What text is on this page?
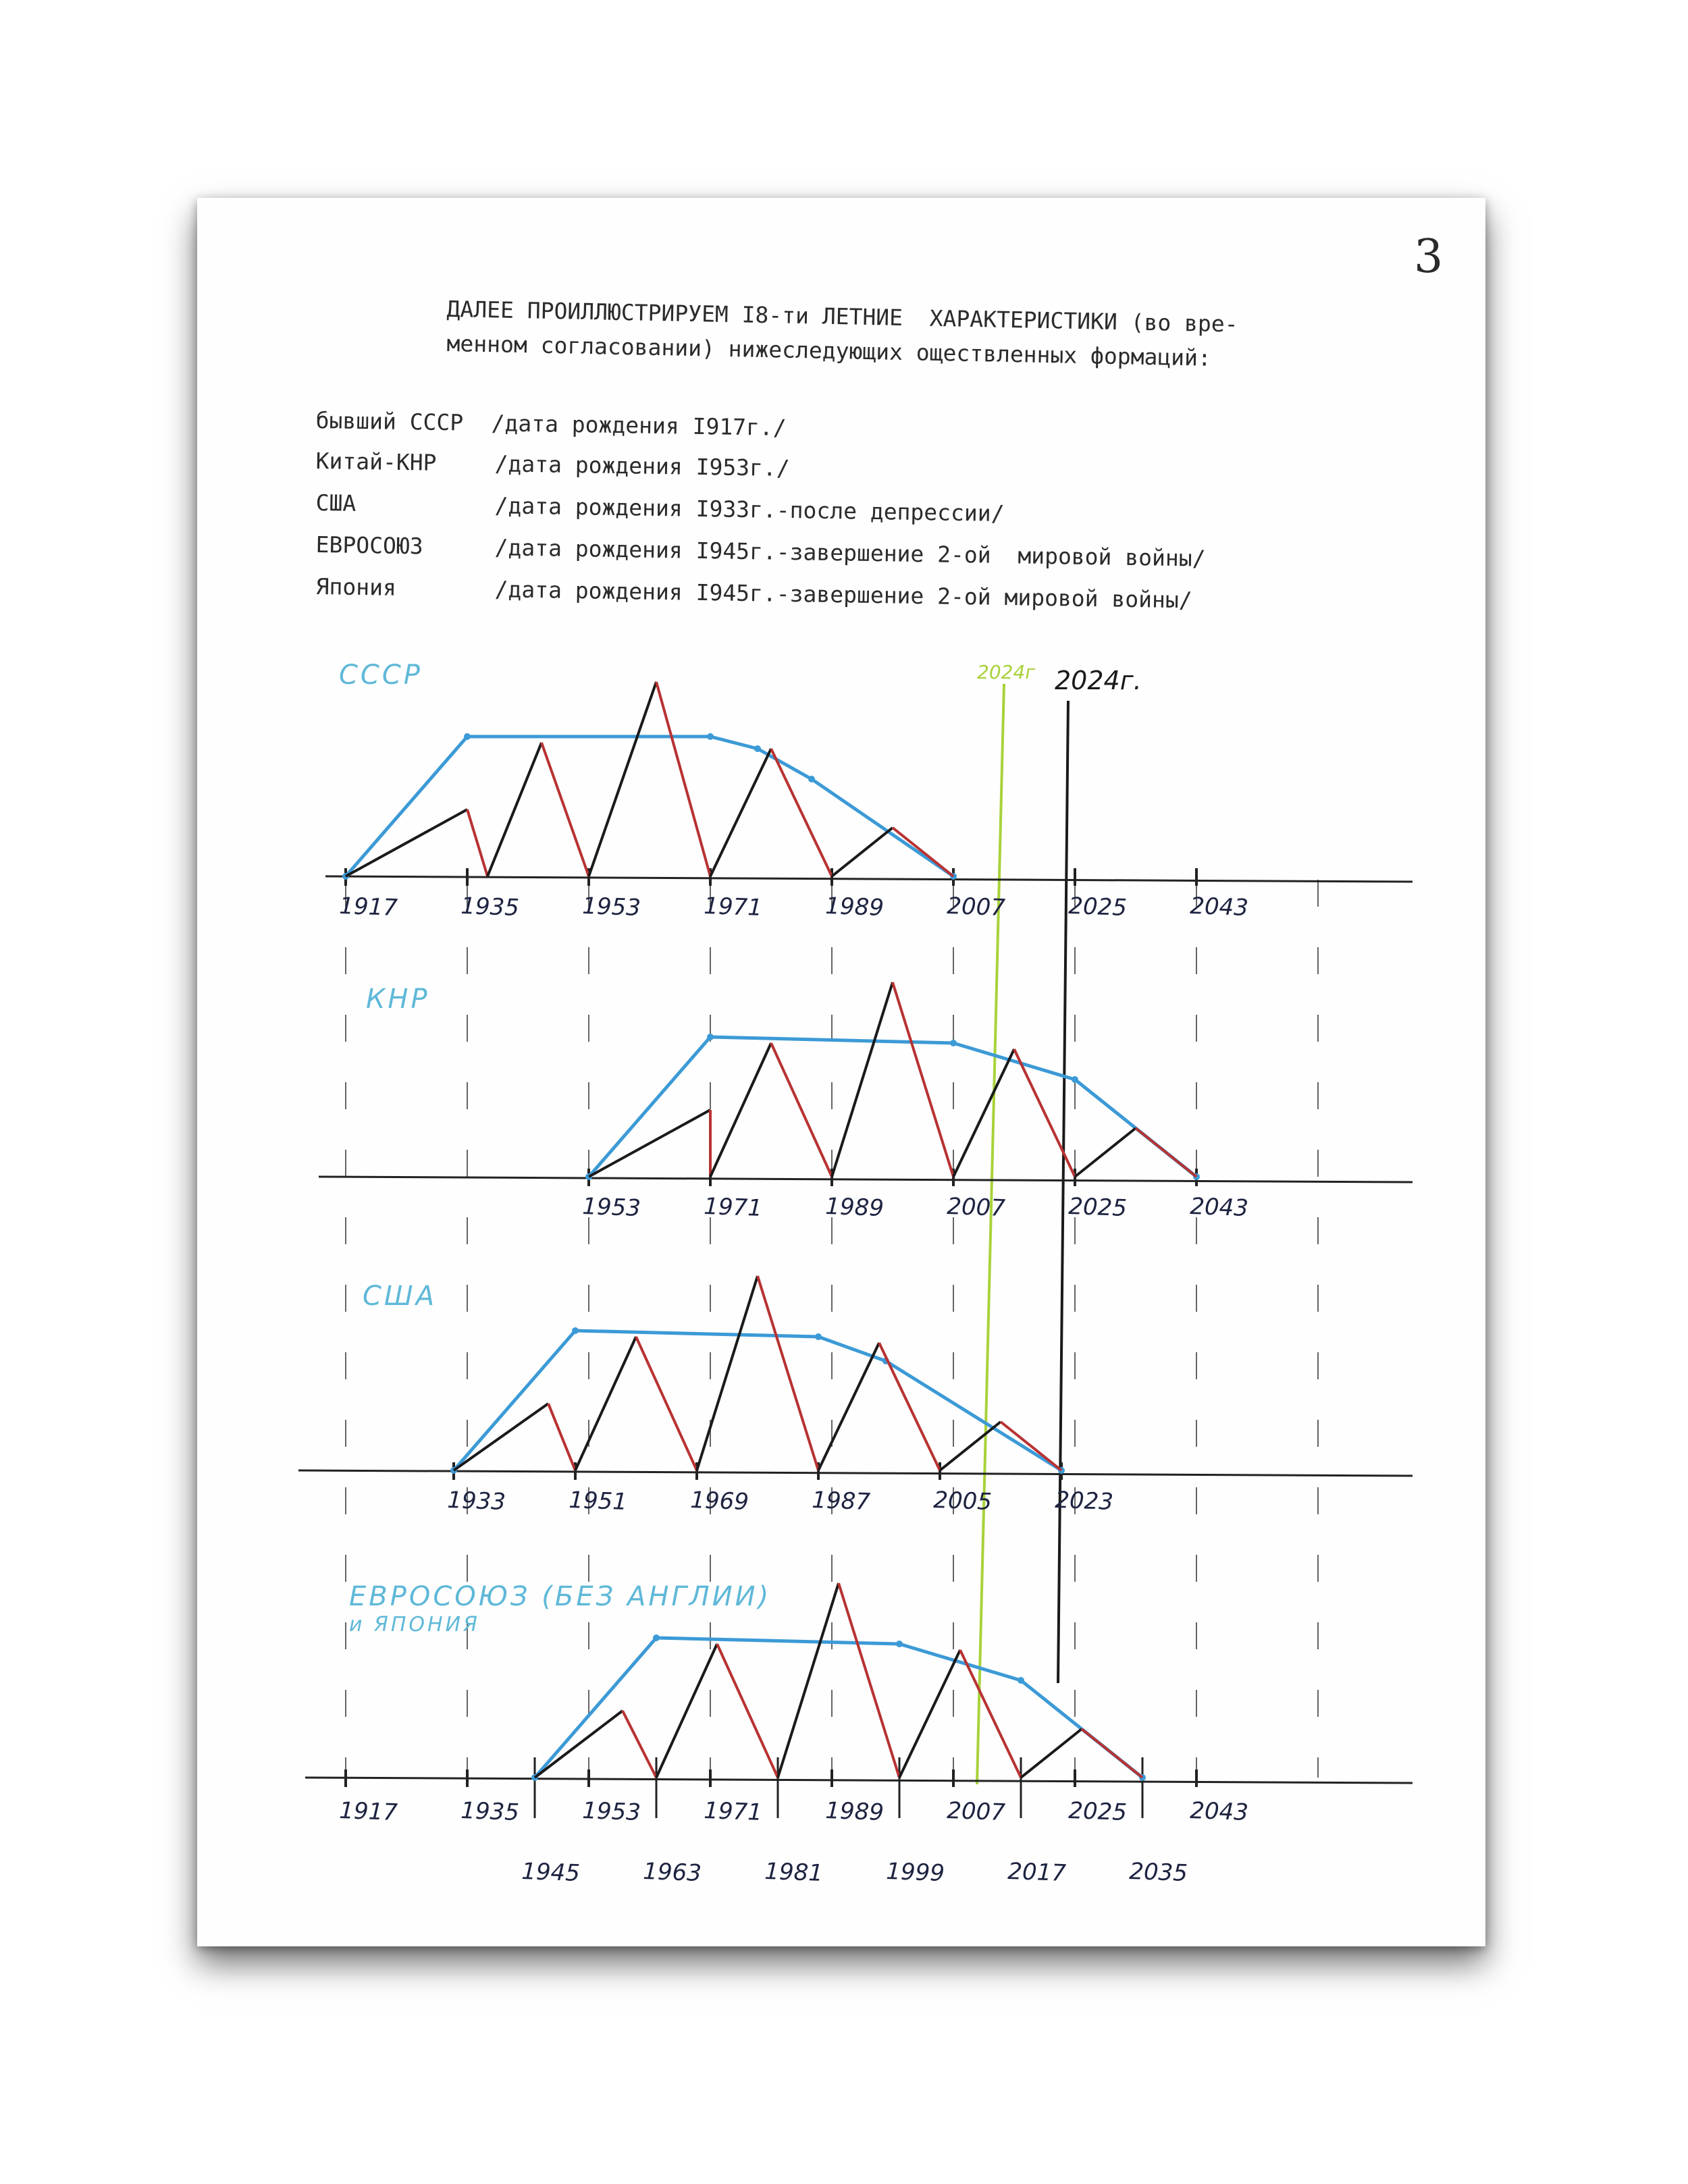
3

ДАЛЕЕ ПРОИЛЛЮСТРИРУЕМ I8-ти ЛЕТНИЕ  ХАРАКТЕРИСТИКИ (во вре-

менном согласовании) нижеследующих оществленных формаций:

бывший СССР /дата рождения I917г./
Китай-КНР	/дата рождения I953г./
США	/дата рождения I933г.-после депрессии/
ЕВРОСОЮЗ	/дата рождения I945г.-завершение 2-ой  мировой войны/
Япония	/дата рождения I945г.-завершение 2-ой мировой войны/
2024г 2024г.
СССР
1917	1935	1953	1971	1989	2007	2025	2043
КНР
1953	1971	1989	2007	2025	2043
США
1933	1951	1969	1987	2005	2023
ЕВРОСОЮЗ (БЕЗ АНГЛИИ)
и ЯПОНИЯ
1917	1935	1953	1971	1989	2007	2025	2043
1945	1963	1981	1999	2017	2035
